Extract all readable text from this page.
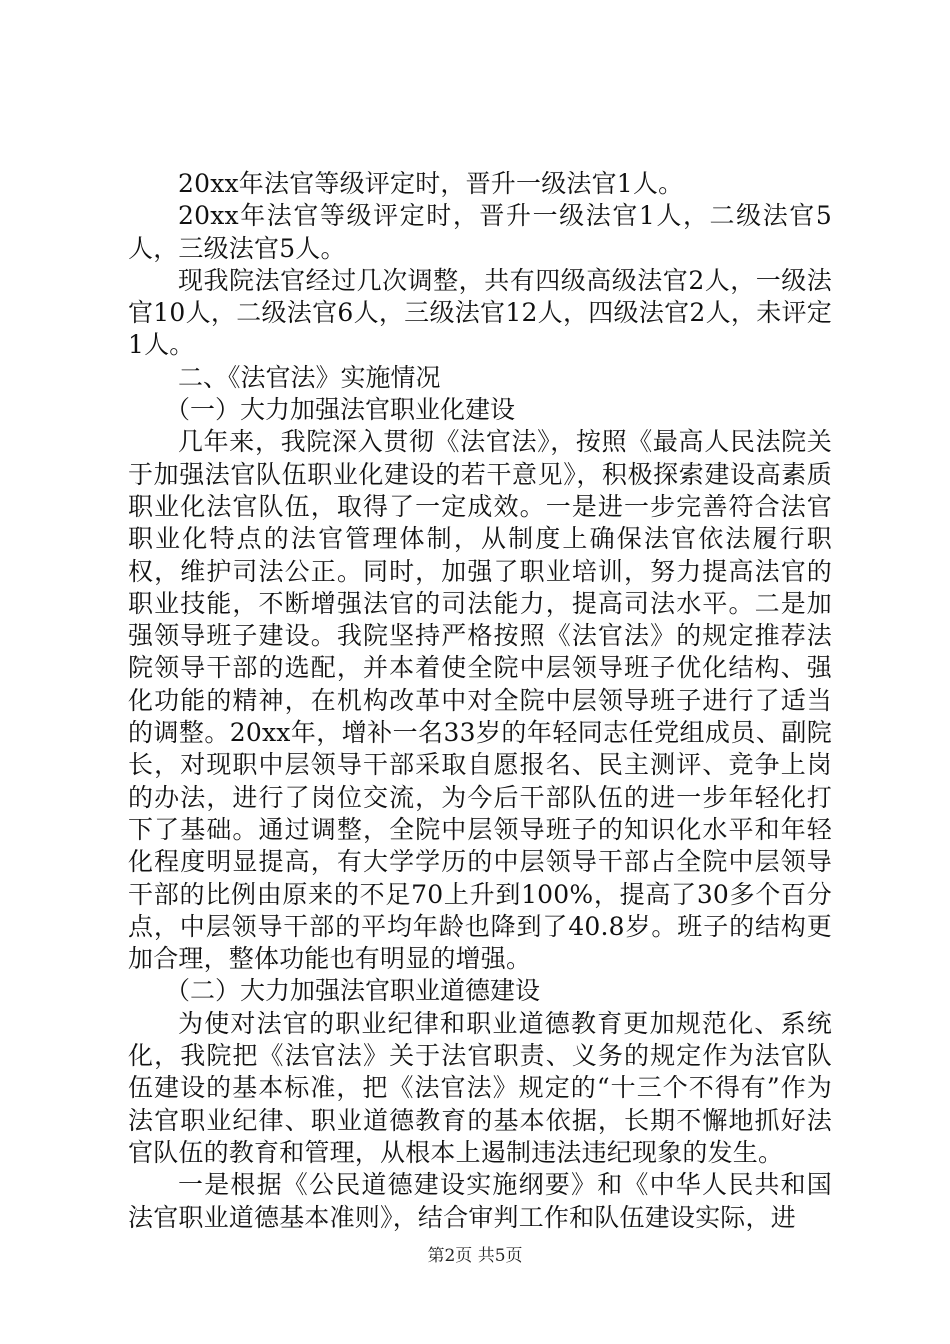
20xx年法官等级评定时，晋升一级法官1人。

20xx年法官等级评定时，晋升一级法官1人，二级法官5人，三级法官5人。

现我院法官经过几次调整，共有四级高级法官2人，一级法官10人，二级法官6人，三级法官12人，四级法官2人，未评定1人。

二、《法官法》实施情况

（一）大力加强法官职业化建设

几年来，我院深入贯彻《法官法》，按照《最高人民法院关于加强法官队伍职业化建设的若干意见》，积极探索建设高素质职业化法官队伍，取得了一定成效。一是进一步完善符合法官职业化特点的法官管理体制，从制度上确保法官依法履行职权，维护司法公正。同时，加强了职业培训，努力提高法官的职业技能，不断增强法官的司法能力，提高司法水平。二是加强领导班子建设。我院坚持严格按照《法官法》的规定推荐法院领导干部的选配，并本着使全院中层领导班子优化结构、强化功能的精神，在机构改革中对全院中层领导班子进行了适当的调整。20xx年，增补一名33岁的年轻同志任党组成员、副院长，对现职中层领导干部采取自愿报名、民主测评、竞争上岗的办法，进行了岗位交流，为今后干部队伍的进一步年轻化打下了基础。通过调整，全院中层领导班子的知识化水平和年轻化程度明显提高，有大学学历的中层领导干部占全院中层领导干部的比例由原来的不足70上升到100%，提高了30多个百分点，中层领导干部的平均年龄也降到了40.8岁。班子的结构更加合理，整体功能也有明显的增强。

（二）大力加强法官职业道德建设

为使对法官的职业纪律和职业道德教育更加规范化、系统化，我院把《法官法》关于法官职责、义务的规定作为法官队伍建设的基本标准，把《法官法》规定的“十三个不得有”作为法官职业纪律、职业道德教育的基本依据，长期不懈地抓好法官队伍的教育和管理，从根本上遏制违法违纪现象的发生。

一是根据《公民道德建设实施纲要》和《中华人民共和国法官职业道德基本准则》，结合审判工作和队伍建设实际，进

第2页 共5页
